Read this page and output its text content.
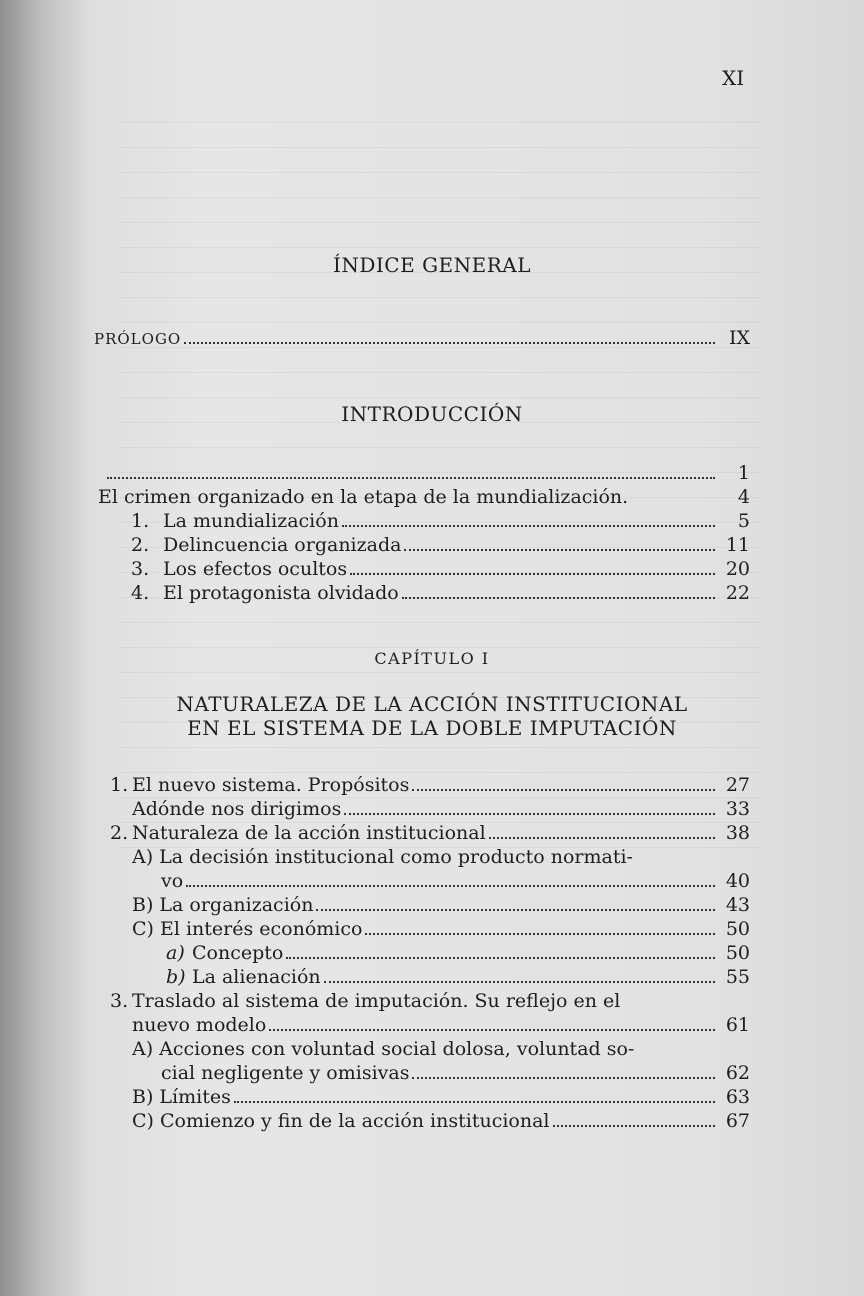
XI
ÍNDICE GENERAL
PRÓLOGO	IX
INTRODUCCIÓN
1
El crimen organizado en la etapa de la mundialización.	4
1. La mundialización	5
2. Delincuencia organizada	11
3. Los efectos ocultos	20
4. El protagonista olvidado	22
CAPÍTULO I
NATURALEZA DE LA ACCIÓN INSTITUCIONAL
EN EL SISTEMA DE LA DOBLE IMPUTACIÓN
1. El nuevo sistema. Propósitos	27
Adónde nos dirigimos	33
2. Naturaleza de la acción institucional	38
A) La decisión institucional como producto normati-
vo	40
B) La organización	43
C) El interés económico	50
a) Concepto	50
b) La alienación	55
3. Traslado al sistema de imputación. Su reflejo en el
nuevo modelo	61
A) Acciones con voluntad social dolosa, voluntad so-
cial negligente y omisivas	62
B) Límites	63
C) Comienzo y fin de la acción institucional	67
